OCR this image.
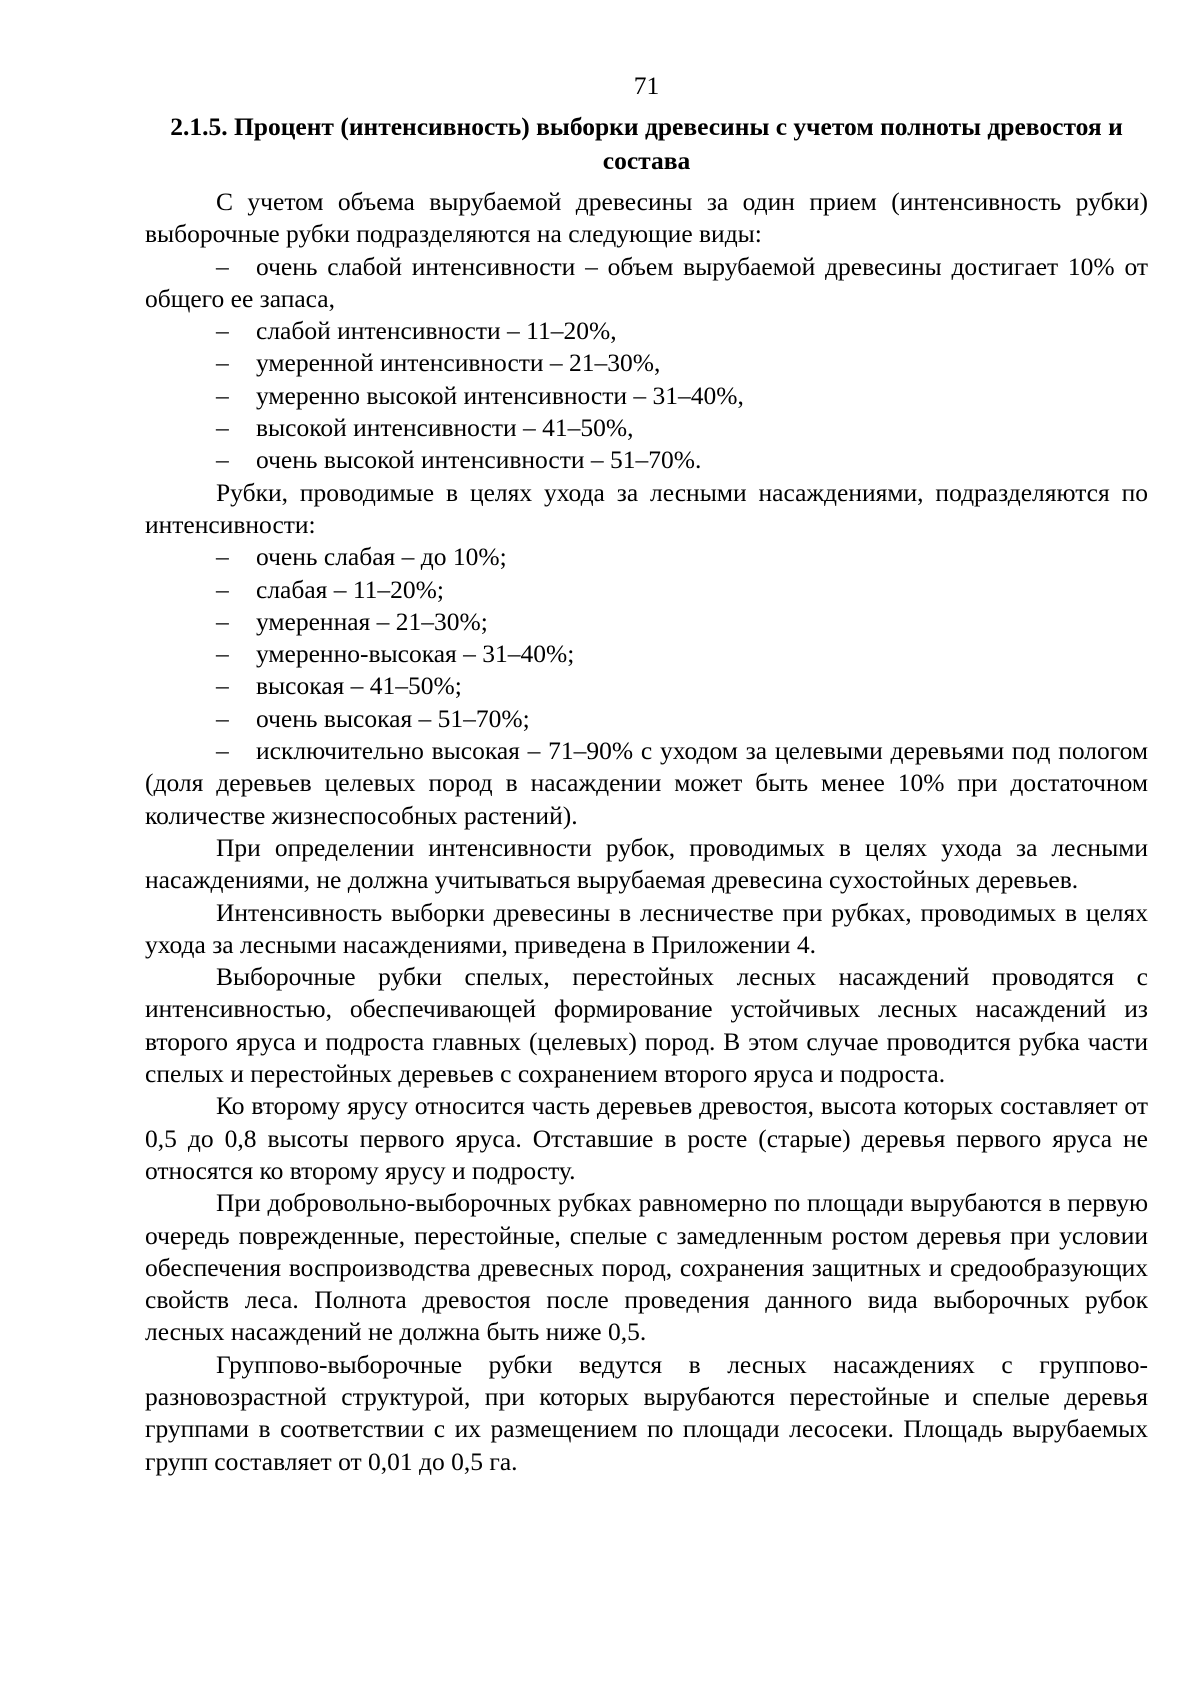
71
2.1.5. Процент (интенсивность) выборки древесины с учетом полноты древостоя и состава

С учетом объема вырубаемой древесины за один прием (интенсивность рубки) выборочные рубки подразделяются на следующие виды:

– очень слабой интенсивности – объем вырубаемой древесины достигает 10% от общего ее запаса,
– слабой интенсивности – 11–20%,
– умеренной интенсивности – 21–30%,
– умеренно высокой интенсивности – 31–40%,
– высокой интенсивности – 41–50%,
– очень высокой интенсивности – 51–70%.

Рубки, проводимые в целях ухода за лесными насаждениями, подразделяются по интенсивности:

– очень слабая – до 10%;
– слабая – 11–20%;
– умеренная – 21–30%;
– умеренно-высокая – 31–40%;
– высокая – 41–50%;
– очень высокая – 51–70%;
– исключительно высокая – 71–90% с уходом за целевыми деревьями под пологом (доля деревьев целевых пород в насаждении может быть менее 10% при достаточном количестве жизнеспособных растений).

При определении интенсивности рубок, проводимых в целях ухода за лесными насаждениями, не должна учитываться вырубаемая древесина сухостойных деревьев.

Интенсивность выборки древесины в лесничестве при рубках, проводимых в целях ухода за лесными насаждениями, приведена в Приложении 4.

Выборочные рубки спелых, перестойных лесных насаждений проводятся с интенсивностью, обеспечивающей формирование устойчивых лесных насаждений из второго яруса и подроста главных (целевых) пород. В этом случае проводится рубка части спелых и перестойных деревьев с сохранением второго яруса и подроста.

Ко второму ярусу относится часть деревьев древостоя, высота которых составляет от 0,5 до 0,8 высоты первого яруса. Отставшие в росте (старые) деревья первого яруса не относятся ко второму ярусу и подросту.

При добровольно-выборочных рубках равномерно по площади вырубаются в первую очередь поврежденные, перестойные, спелые с замедленным ростом деревья при условии обеспечения воспроизводства древесных пород, сохранения защитных и средообразующих свойств леса. Полнота древостоя после проведения данного вида выборочных рубок лесных насаждений не должна быть ниже 0,5.

Группово-выборочные рубки ведутся в лесных насаждениях с группово-разновозрастной структурой, при которых вырубаются перестойные и спелые деревья группами в соответствии с их размещением по площади лесосеки. Площадь вырубаемых групп составляет от 0,01 до 0,5 га.
